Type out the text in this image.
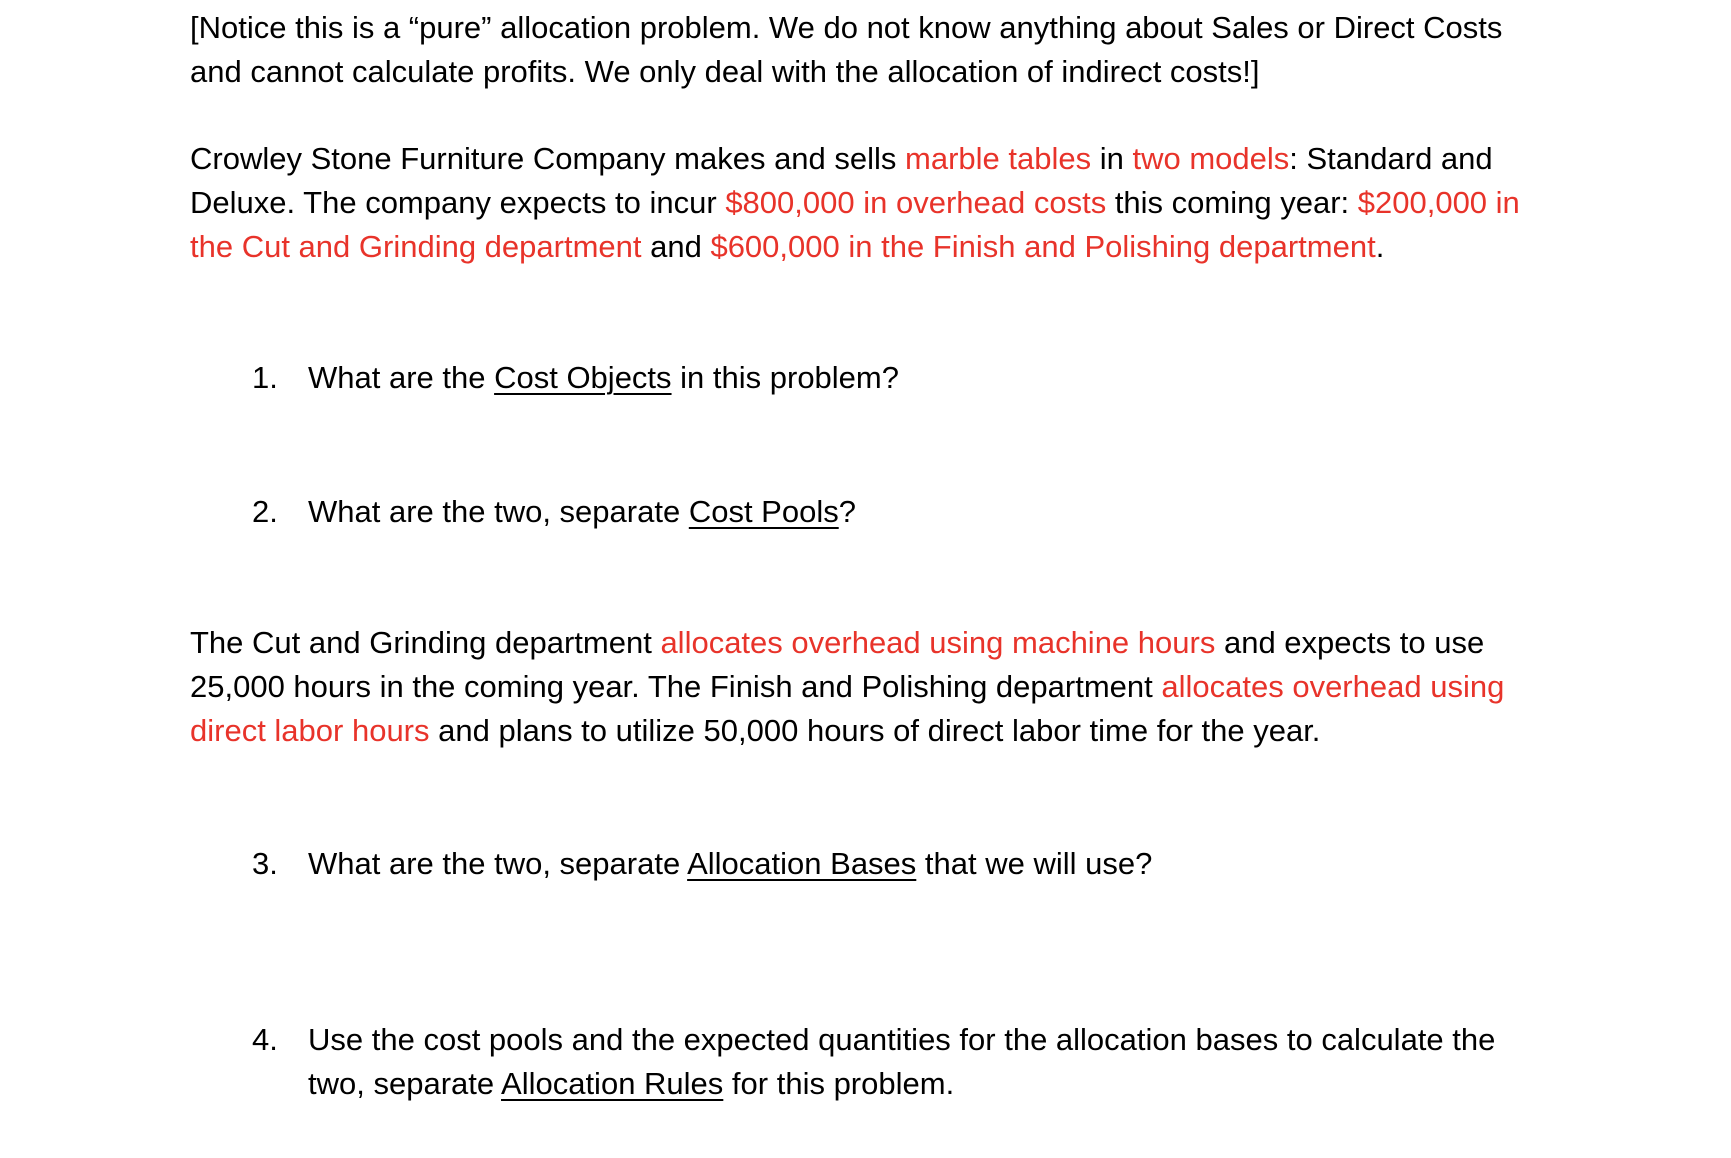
[Notice this is a “pure” allocation problem. We do not know anything about Sales or Direct Costs and cannot calculate profits. We only deal with the allocation of indirect costs!]

Crowley Stone Furniture Company makes and sells marble tables in two models: Standard and Deluxe. The company expects to incur $800,000 in overhead costs this coming year: $200,000 in the Cut and Grinding department and $600,000 in the Finish and Polishing department.

1. What are the Cost Objects in this problem?
2. What are the two, separate Cost Pools?

The Cut and Grinding department allocates overhead using machine hours and expects to use 25,000 hours in the coming year. The Finish and Polishing department allocates overhead using direct labor hours and plans to utilize 50,000 hours of direct labor time for the year.

3. What are the two, separate Allocation Bases that we will use?
4. Use the cost pools and the expected quantities for the allocation bases to calculate the two, separate Allocation Rules for this problem.
